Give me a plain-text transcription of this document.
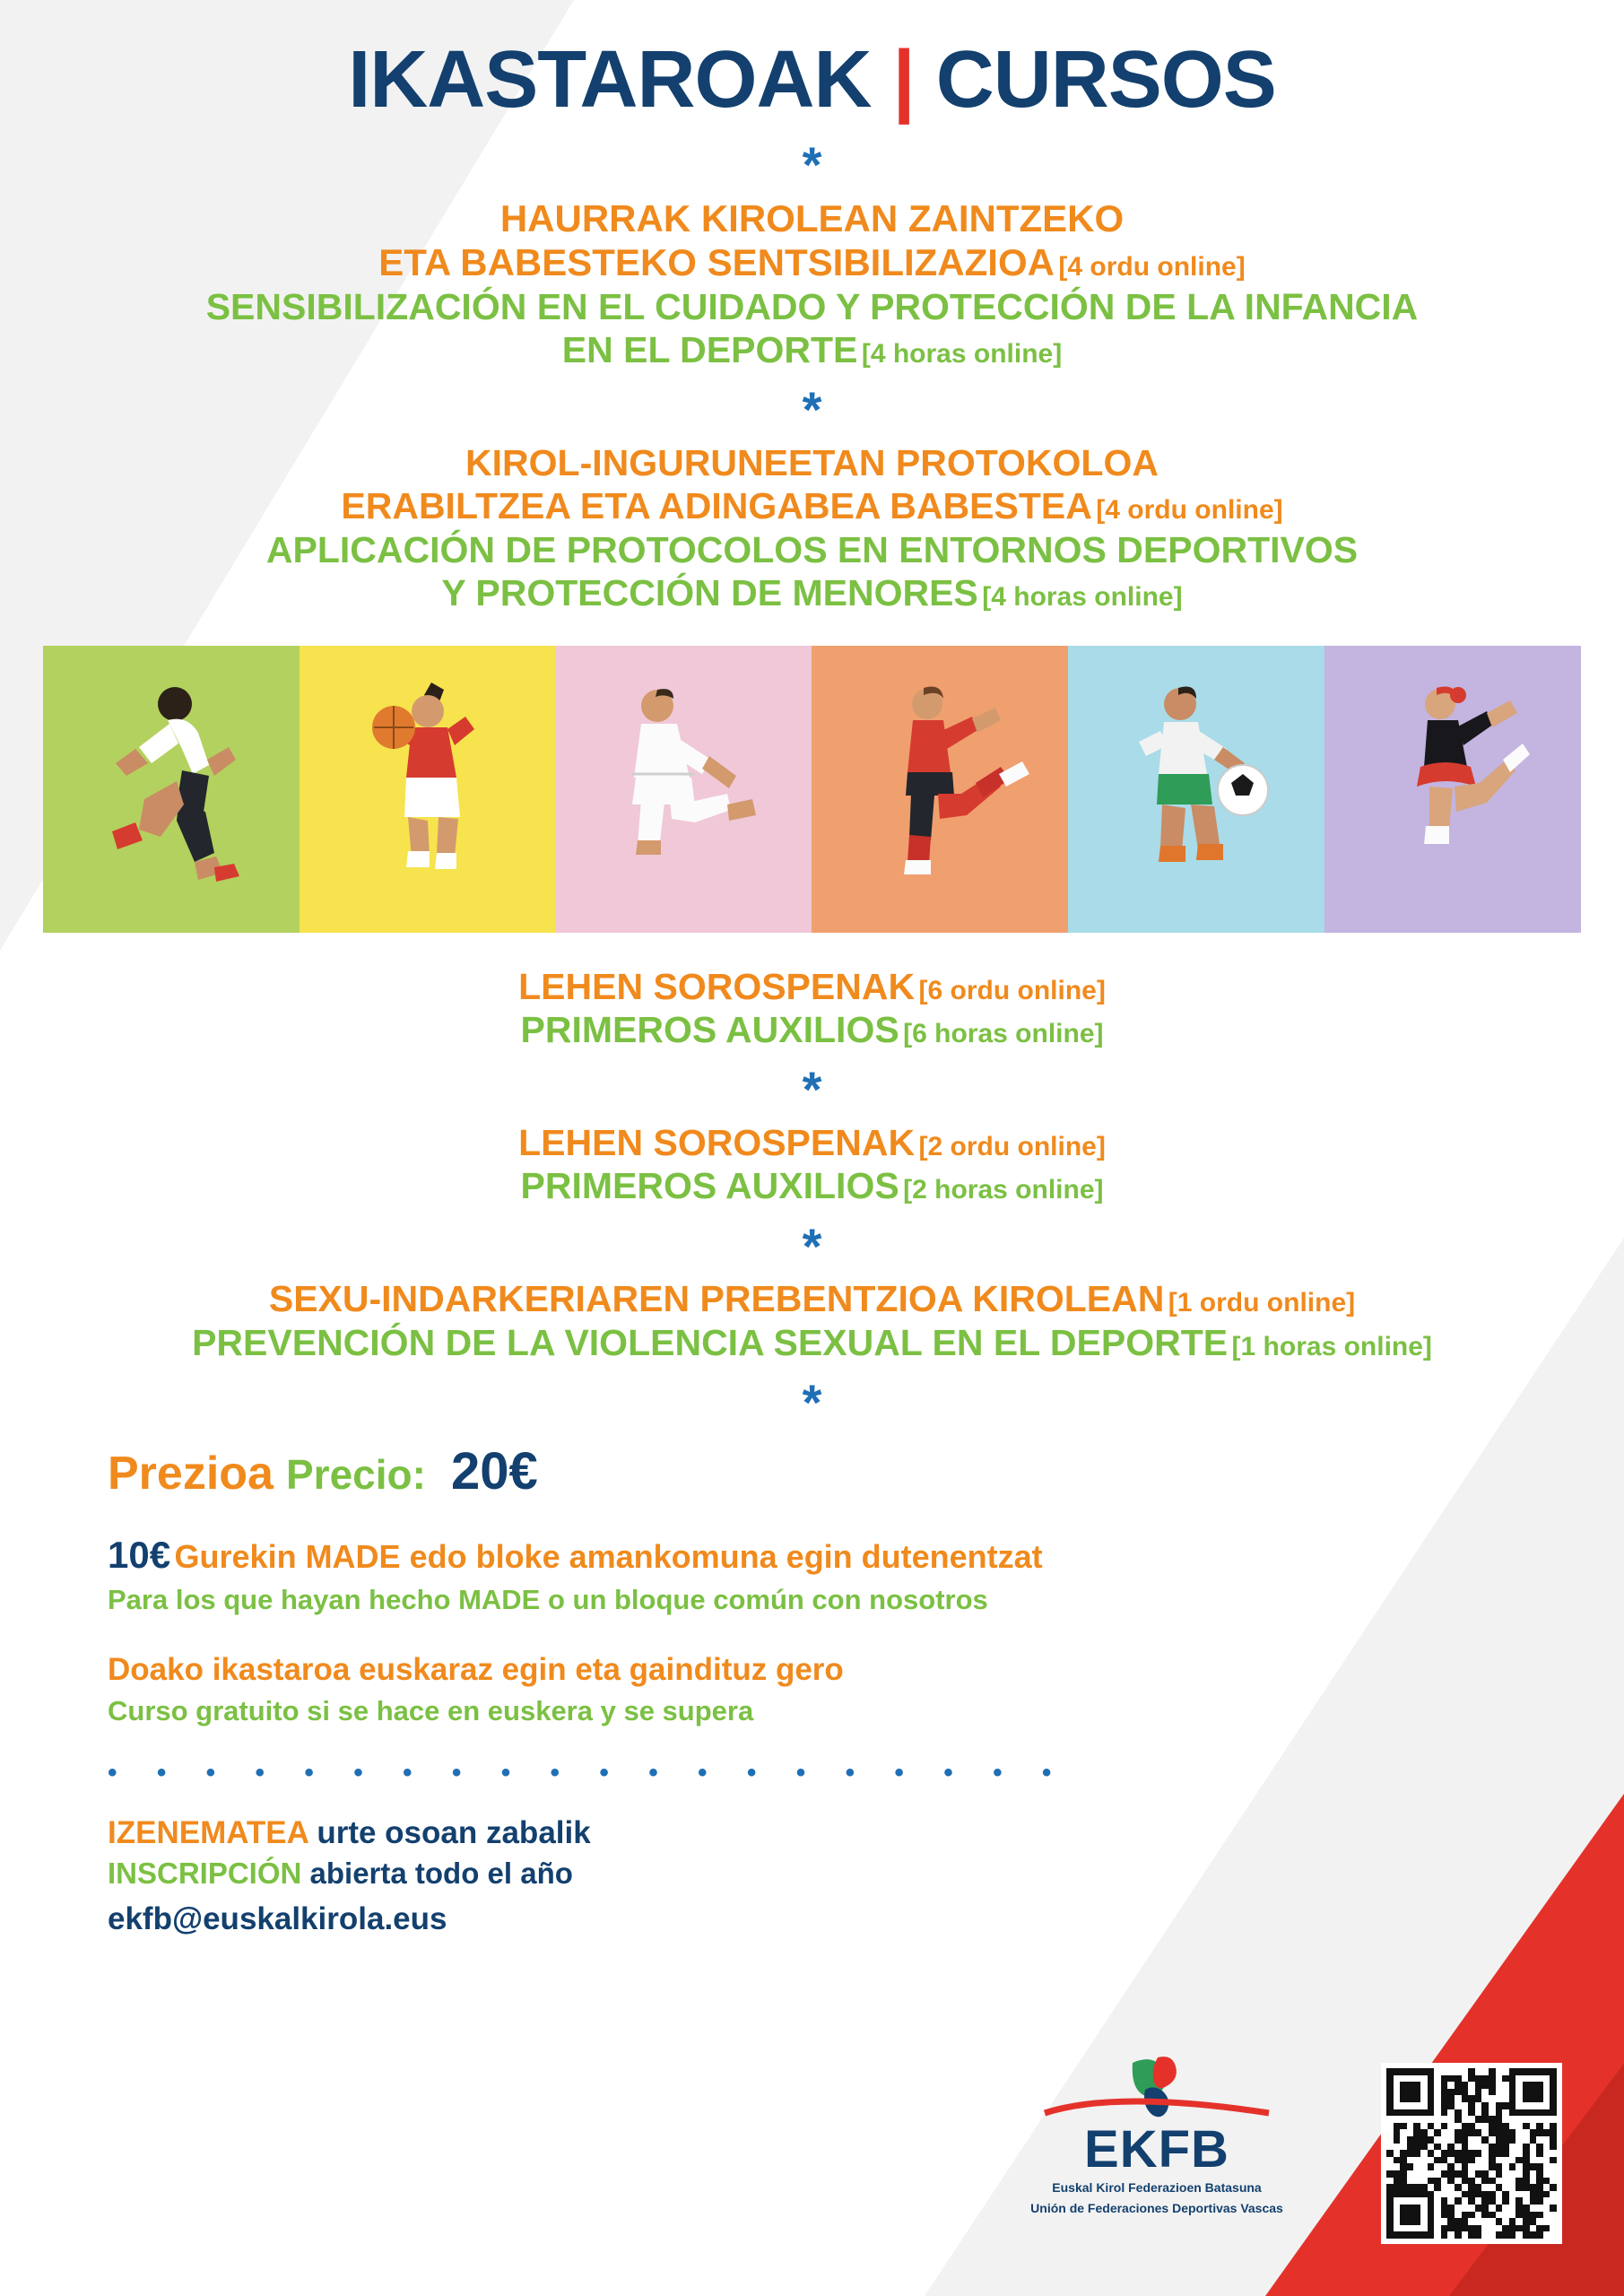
IKASTAROAK | CURSOS
*
HAURRAK KIROLEAN ZAINTZEKO
ETA BABESTEKO SENTSIBILIZAZIOA [4 ordu online]
SENSIBILIZACIÓN EN EL CUIDADO Y PROTECCIÓN DE LA INFANCIA
EN EL DEPORTE [4 horas online]
*
KIROL-INGURUNEETAN PROTOKOLOA
ERABILTZEA ETA ADINGABEA BABESTEA [4 ordu online]
APLICACIÓN DE PROTOCOLOS EN ENTORNOS DEPORTIVOS
Y PROTECCIÓN DE MENORES [4 horas online]
LEHEN SOROSPENAK [6 ordu online]
PRIMEROS AUXILIOS [6 horas online]
*
LEHEN SOROSPENAK [2 ordu online]
PRIMEROS AUXILIOS [2 horas online]
*
SEXU-INDARKERIAREN PREBENTZIOA KIROLEAN [1 ordu online]
PREVENCIÓN DE LA VIOLENCIA SEXUAL EN EL DEPORTE [1 horas online]
*
Prezioa Precio: 20€
10€ Gurekin MADE edo bloke amankomuna egin dutenentzat
Para los que hayan hecho MADE o un bloque común con nosotros
Doako ikastaroa euskaraz egin eta gaindituz gero
Curso gratuito si se hace en euskera y se supera
• • • • • • • • • • • • • • • • • • • •
IZENEMATEA urte osoan zabalik
INSCRIPCIÓN abierta todo el año
ekfb@euskalkirola.eus
EKFB
Euskal Kirol Federazioen Batasuna
Unión de Federaciones Deportivas Vascas
